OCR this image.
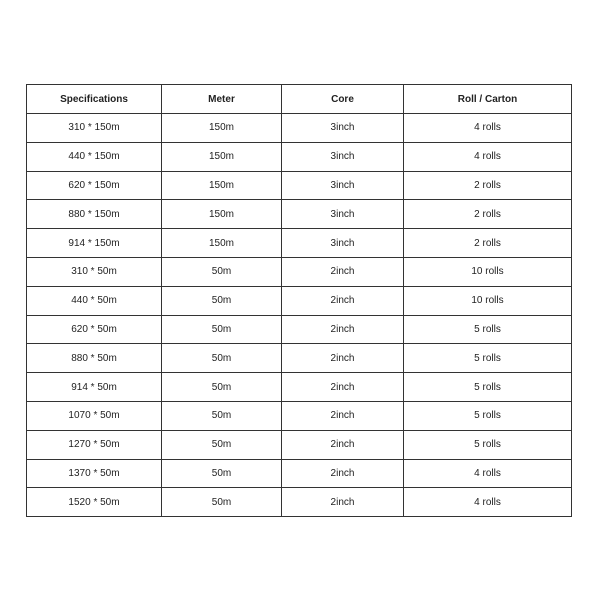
Specifications	Meter	Core	Roll / Carton
310 * 150m	150m	3inch	4 rolls
440 * 150m	150m	3inch	4 rolls
620 * 150m	150m	3inch	2 rolls
880 * 150m	150m	3inch	2 rolls
914 * 150m	150m	3inch	2 rolls
310 * 50m	50m	2inch	10 rolls
440 * 50m	50m	2inch	10 rolls
620 * 50m	50m	2inch	5 rolls
880 * 50m	50m	2inch	5 rolls
914 * 50m	50m	2inch	5 rolls
1070 * 50m	50m	2inch	5 rolls
1270 * 50m	50m	2inch	5 rolls
1370 * 50m	50m	2inch	4 rolls
1520 * 50m	50m	2inch	4 rolls
